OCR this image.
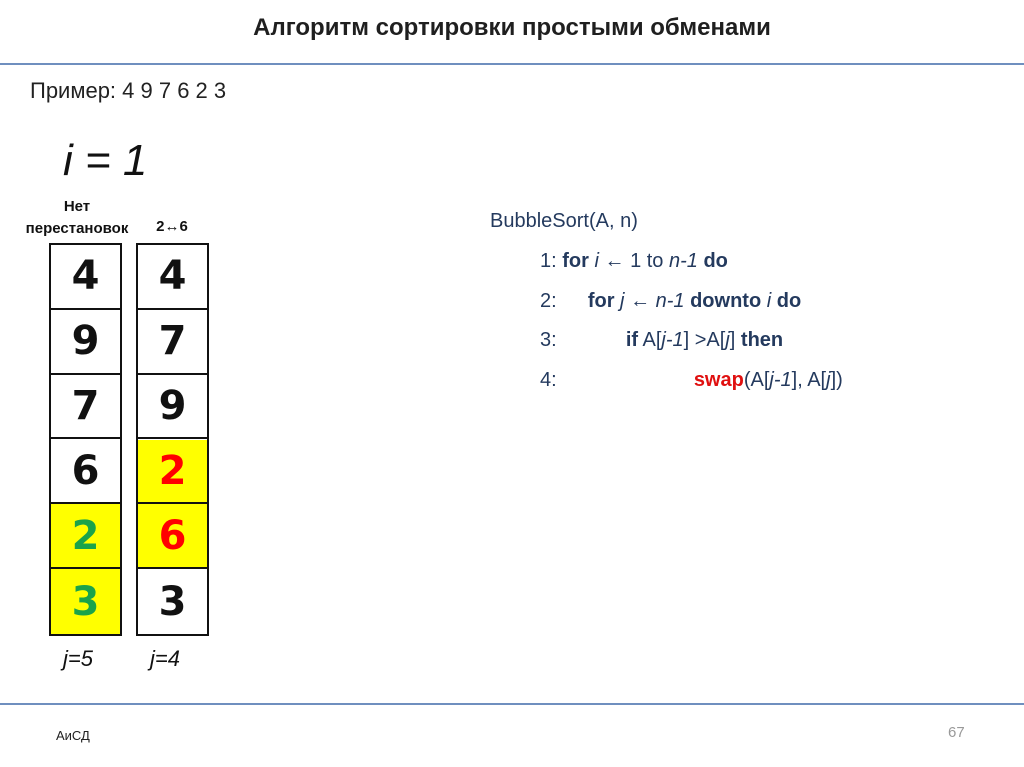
Алгоритм сортировки простыми обменами
Пример: 4 9 7 6 2 3
i = 1
Нет
перестановок
4
9
7
6
2
3
j=5
2↔6
4
7
9
2
6
3
j=4
BubbleSort(A, n)
1: for i ← 1 to n-1 do
2: for j ← n-1 downto i do
3:	if A[j-1] >A[j] then
4:	swap(A[j-1], A[j])
АиСД	67
